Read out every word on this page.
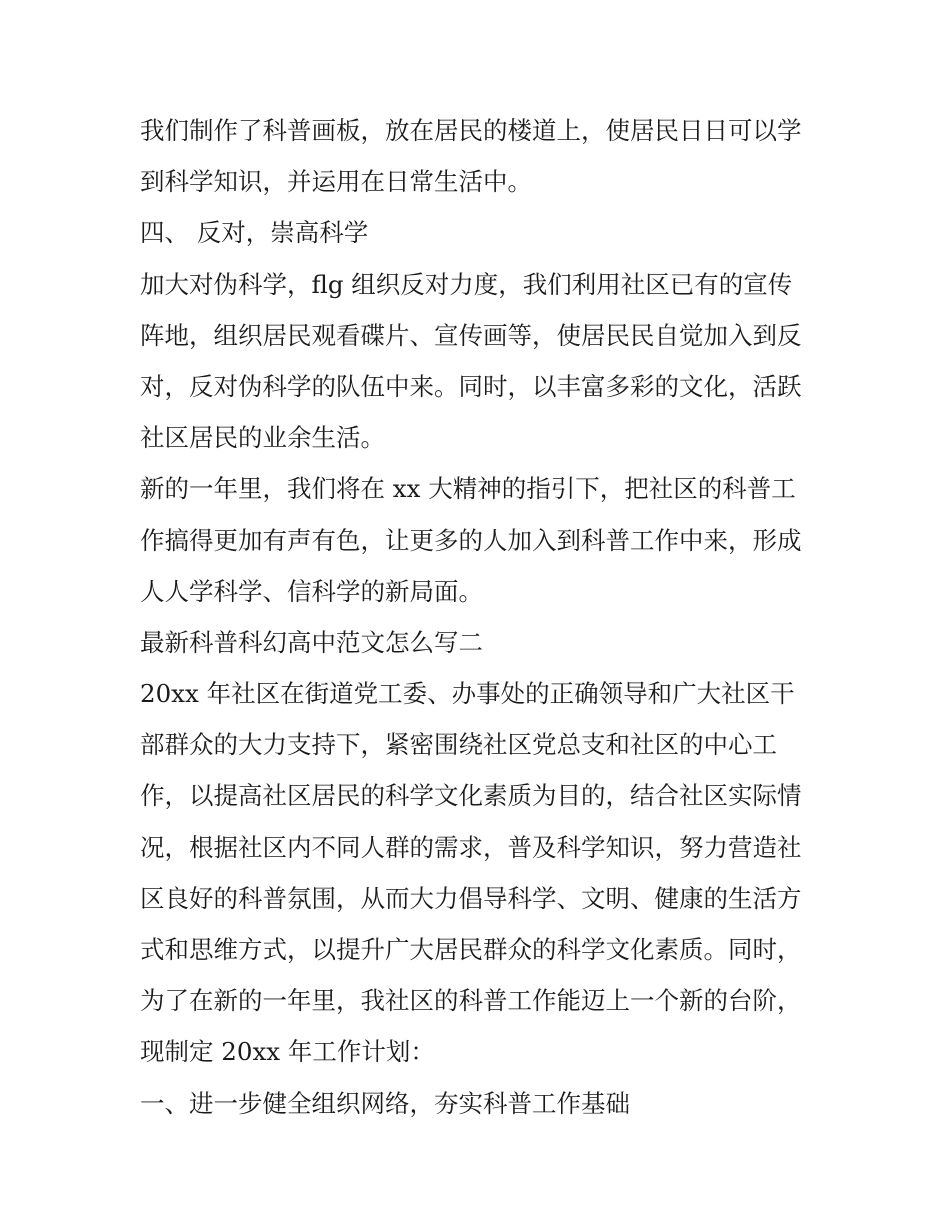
我们制作了科普画板，放在居民的楼道上，使居民日日可以学
到科学知识，并运用在日常生活中。
四、 反对，崇高科学
加大对伪科学，flg 组织反对力度，我们利用社区已有的宣传
阵地，组织居民观看碟片、宣传画等，使居民民自觉加入到反
对，反对伪科学的队伍中来。同时，以丰富多彩的文化，活跃
社区居民的业余生活。
新的一年里，我们将在 xx 大精神的指引下，把社区的科普工
作搞得更加有声有色，让更多的人加入到科普工作中来，形成
人人学科学、信科学的新局面。
最新科普科幻高中范文怎么写二
20xx 年社区在街道党工委、办事处的正确领导和广大社区干
部群众的大力支持下，紧密围绕社区党总支和社区的中心工
作，以提高社区居民的科学文化素质为目的，结合社区实际情
况，根据社区内不同人群的需求，普及科学知识，努力营造社
区良好的科普氛围，从而大力倡导科学、文明、健康的生活方
式和思维方式，以提升广大居民群众的科学文化素质。同时，
为了在新的一年里，我社区的科普工作能迈上一个新的台阶，
现制定 20xx 年工作计划：
一、进一步健全组织网络，夯实科普工作基础
